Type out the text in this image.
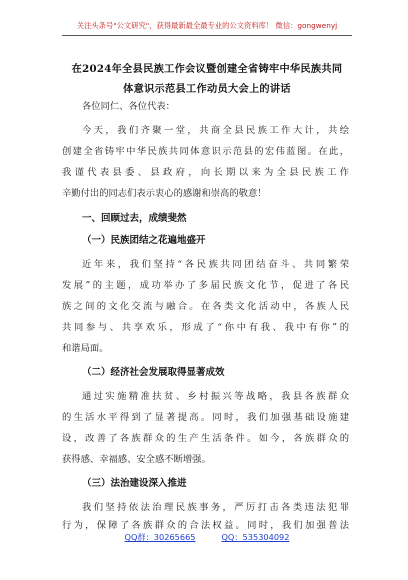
关注头条号"公文研究"，获得最新最全最专业的公文资料库！ 微信：gongwenyj
在2024年全县民族工作会议暨创建全省铸牢中华民族共同
体意识示范县工作动员大会上的讲话
各位同仁、各位代表：
今天，我们齐聚一堂，共商全县民族工作大计，共绘
创建全省铸牢中华民族共同体意识示范县的宏伟蓝图。在此，
我谨代表县委、县政府，向长期以来为全县民族工作
辛勤付出的同志们表示衷心的感谢和崇高的敬意！
一、回顾过去，成绩斐然
（一）民族团结之花遍地盛开
近年来，我们坚持“各民族共同团结奋斗、共同繁荣
发展”的主题，成功举办了多届民族文化节，促进了各民
族之间的文化交流与融合。在各类文化活动中，各族人民
共同参与、共享欢乐，形成了“你中有我、我中有你”的
和谐局面。
（二）经济社会发展取得显著成效
通过实施精准扶贫、乡村振兴等战略，我县各族群众
的生活水平得到了显著提高。同时，我们加强基础设施建
设，改善了各族群众的生产生活条件。如今，各族群众的
获得感、幸福感、安全感不断增强。
（三）法治建设深入推进
我们坚持依法治理民族事务，严厉打击各类违法犯罪
行为，保障了各族群众的合法权益。同时，我们加强普法
QQ群：30265665	QQ：535304092
